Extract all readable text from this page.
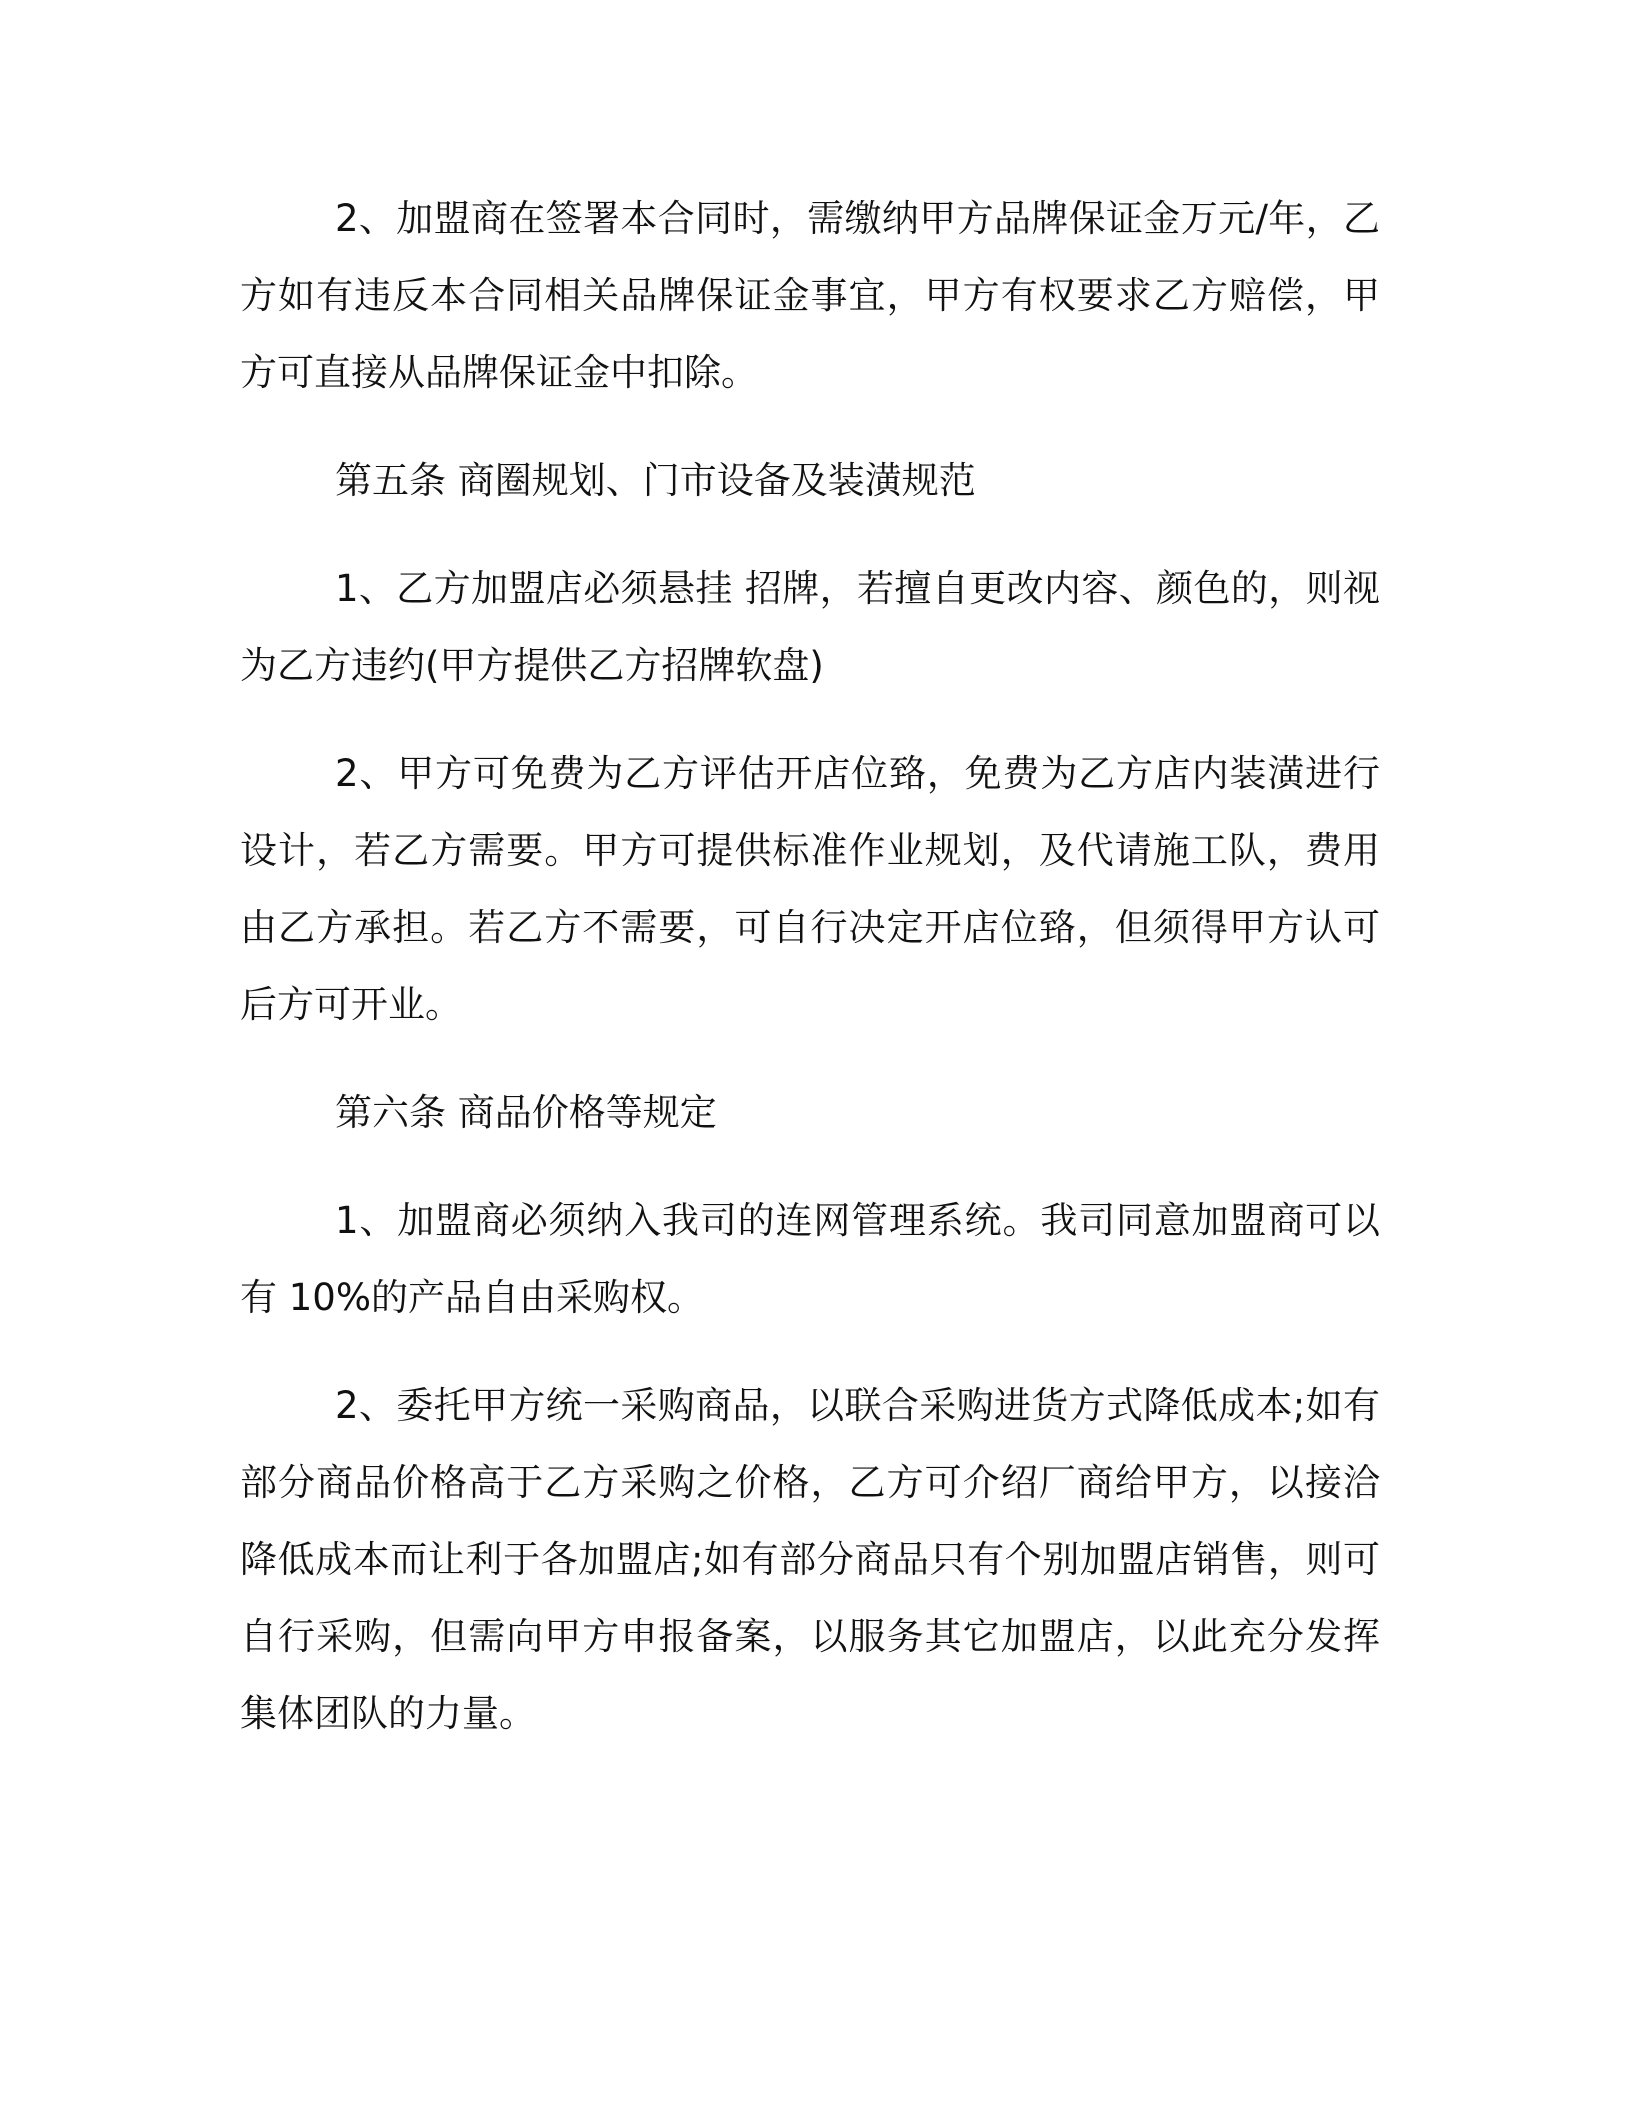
2、加盟商在签署本合同时，需缴纳甲方品牌保证金万元/年，乙方如有违反本合同相关品牌保证金事宜，甲方有权要求乙方赔偿，甲方可直接从品牌保证金中扣除。

第五条 商圈规划、门市设备及装潢规范

1、乙方加盟店必须悬挂 招牌，若擅自更改内容、颜色的，则视为乙方违约(甲方提供乙方招牌软盘)

2、甲方可免费为乙方评估开店位臵，免费为乙方店内装潢进行设计，若乙方需要。甲方可提供标准作业规划，及代请施工队，费用由乙方承担。若乙方不需要，可自行决定开店位臵，但须得甲方认可后方可开业。

第六条 商品价格等规定

1、加盟商必须纳入我司的连网管理系统。我司同意加盟商可以有 10%的产品自由采购权。

2、委托甲方统一采购商品，以联合采购进货方式降低成本;如有部分商品价格高于乙方采购之价格，乙方可介绍厂商给甲方，以接洽降低成本而让利于各加盟店;如有部分商品只有个别加盟店销售，则可自行采购，但需向甲方申报备案，以服务其它加盟店，以此充分发挥集体团队的力量。
